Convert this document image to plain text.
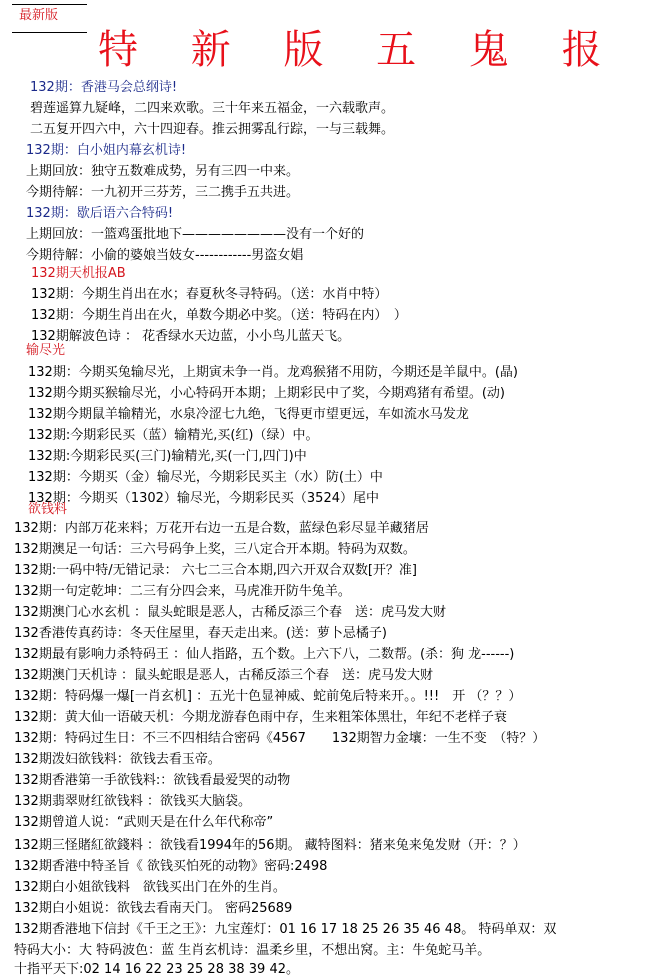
最新版
特 新 版 五 鬼 报
132期：香港马会总纲诗!
碧莲遥算九疑峰，二四来欢歌。三十年来五福金，一六载歌声。
二五复开四六中，六十四迎春。推云拥雾乱行踪，一与三载舞。
132期：白小姐内幕玄机诗!
上期回放：独守五数难成势，另有三四一中来。
今期待解：一九初开三芬芳，三二携手五共进。
132期：歇后语六合特码!
上期回放：一篮鸡蛋批地下————————没有一个好的
今期待解：小偷的婆娘当妓女------------男盗女娼
132期天机报AB
132期：今期生肖出在水；春夏秋冬寻特码。（送：水肖中特）
132期：今期生肖出在火，单数今期必中奖。（送：特码在内）　）
132期解波色诗 ： 花香绿水天边蓝，小小鸟儿蓝天飞。
输尽光
132期：今期买兔输尽光，上期寅未争一肖。龙鸡猴猪不用防，今期还是羊鼠中。(晶)
132期今期买猴输尽光，小心特码开本期；上期彩民中了奖，今期鸡猪有希望。(动)
132期今期鼠羊输精光，水泉冷涩七九绝，飞得更市望更远，车如流水马发龙
132期:今期彩民买（蓝）输精光,买(红)（绿）中。
132期:今期彩民买(三门)输精光,买(一门,四门)中
132期：今期买（金）输尽光，今期彩民买主（水）防(土）中
132期：今期买（1302）输尽光，今期彩民买（3524）尾中
欲钱料
132期：内部万花来料；万花开右边一五是合数，蓝绿色彩尽显羊藏猪居
132期澳足一句话：三六号码争上奖，三八定合开本期。特码为双数。
132期:一码中特/无错记录： 六七二三合本期,四六开双合双数[开？准]
132期一句定乾坤：二三有分四会来，马虎准开防牛兔羊。
132期澳门心水玄机 ：鼠头蛇眼是恶人，古稀反添三个春　送：虎马发大财
132香港传真药诗：冬天住屋里，春天走出来。(送：萝卜忌橘子)
132期最有影响力杀特码王 ：仙人指路，五个数。上六下八，二数帮。(杀：狗 龙------)
132期澳门天机诗 ：鼠头蛇眼是恶人，古稀反添三个春　送：虎马发大财
132期：特码爆一爆[一肖玄机] ：五光十色显神威、蛇前兔后特来开。。!!!　开 （？？）
132期：黄大仙一语破天机：今期龙游春色雨中存，生来粗笨体黑壮，年纪不老样子衰
132期：特码过生日：不三不四相结合密码《4567　　132期智力金壤：一生不变　（特？）
132期泼妇欲钱料：欲钱去看玉帝。
132期香港第一手欲钱料:：欲钱看最爱哭的动物
132期翡翠财红欲钱料 ：欲钱买大脑袋。
132期曾道人说：“武则天是在什么年代称帝”
132期三怪賭紅欲錢料 ：欲钱看1994年的56期。 藏特图料：猪来兔来兔发财（开：？）
132期香港中特圣旨《 欲钱买怕死的动物》密码:2498
132期白小姐欲钱料　欲钱买出门在外的生肖。
132期白小姐说：欲钱去看南天门。 密码25689
132期香港地下信封《千王之王》：九宝莲灯：01 16 17 18 25 26 35 46 48。 特码单双：双
特码大小：大 特码波色：蓝 生肖玄机诗：温柔乡里，不想出窝。主：牛兔蛇马羊。
十指平天下:02 14 16 22 23 25 28 38 39 42。
